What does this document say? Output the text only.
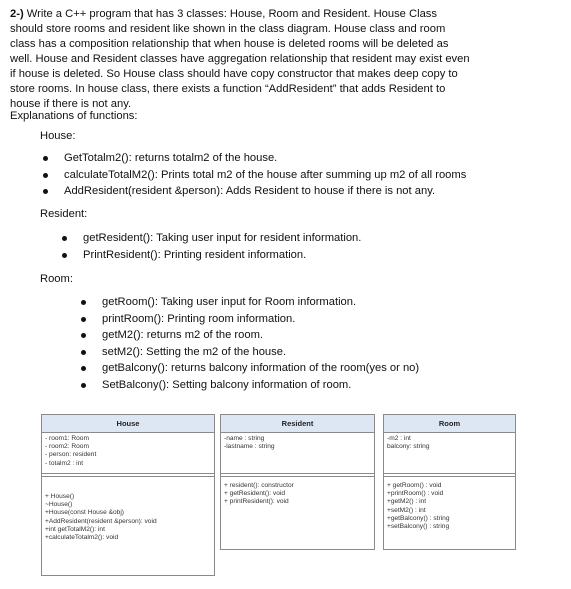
2-) Write a C++ program that has 3 classes: House, Room and Resident. House Class
should store rooms and resident like shown in the class diagram. House class and room
class has a composition relationship that when house is deleted rooms will be deleted as
well. House and Resident classes have aggregation relationship that resident may exist even
if house is deleted. So House class should have copy constructor that makes deep copy to
store rooms. In house class, there exists a function “AddResident” that adds Resident to
house if there is not any.
Explanations of functions:
House:
GetTotalm2(): returns totalm2 of the house.
calculateTotalM2(): Prints total m2 of the house after summing up m2 of all rooms
AddResident(resident &person): Adds Resident to house if there is not any.
Resident:
getResident(): Taking user input for resident information.
PrintResident(): Printing resident information.
Room:
getRoom(): Taking user input for Room information.
printRoom(): Printing room information.
getM2(): returns m2 of the room.
setM2(): Setting the m2 of the house.
getBalcony(): returns balcony information of the room(yes or no)
SetBalcony(): Setting balcony information of room.
House
- room1: Room
- room2: Room
- person: resident
- totalm2 : int
+ House()
~House()
+House(const House &obj)
+AddResident(resident &person): void
+int getTotalM2(): int
+calculateTotalm2(): void
Resident
-name : string
-lastname : string
+ resident(): constructor
+ getResident(): void
+ printResident(): void
Room
-m2 : int
balcony: string
+ getRoom() : void
+printRoom() : void
+getM2() : int
+setM2() : int
+getBalcony() : string
+setBalcony() : string
